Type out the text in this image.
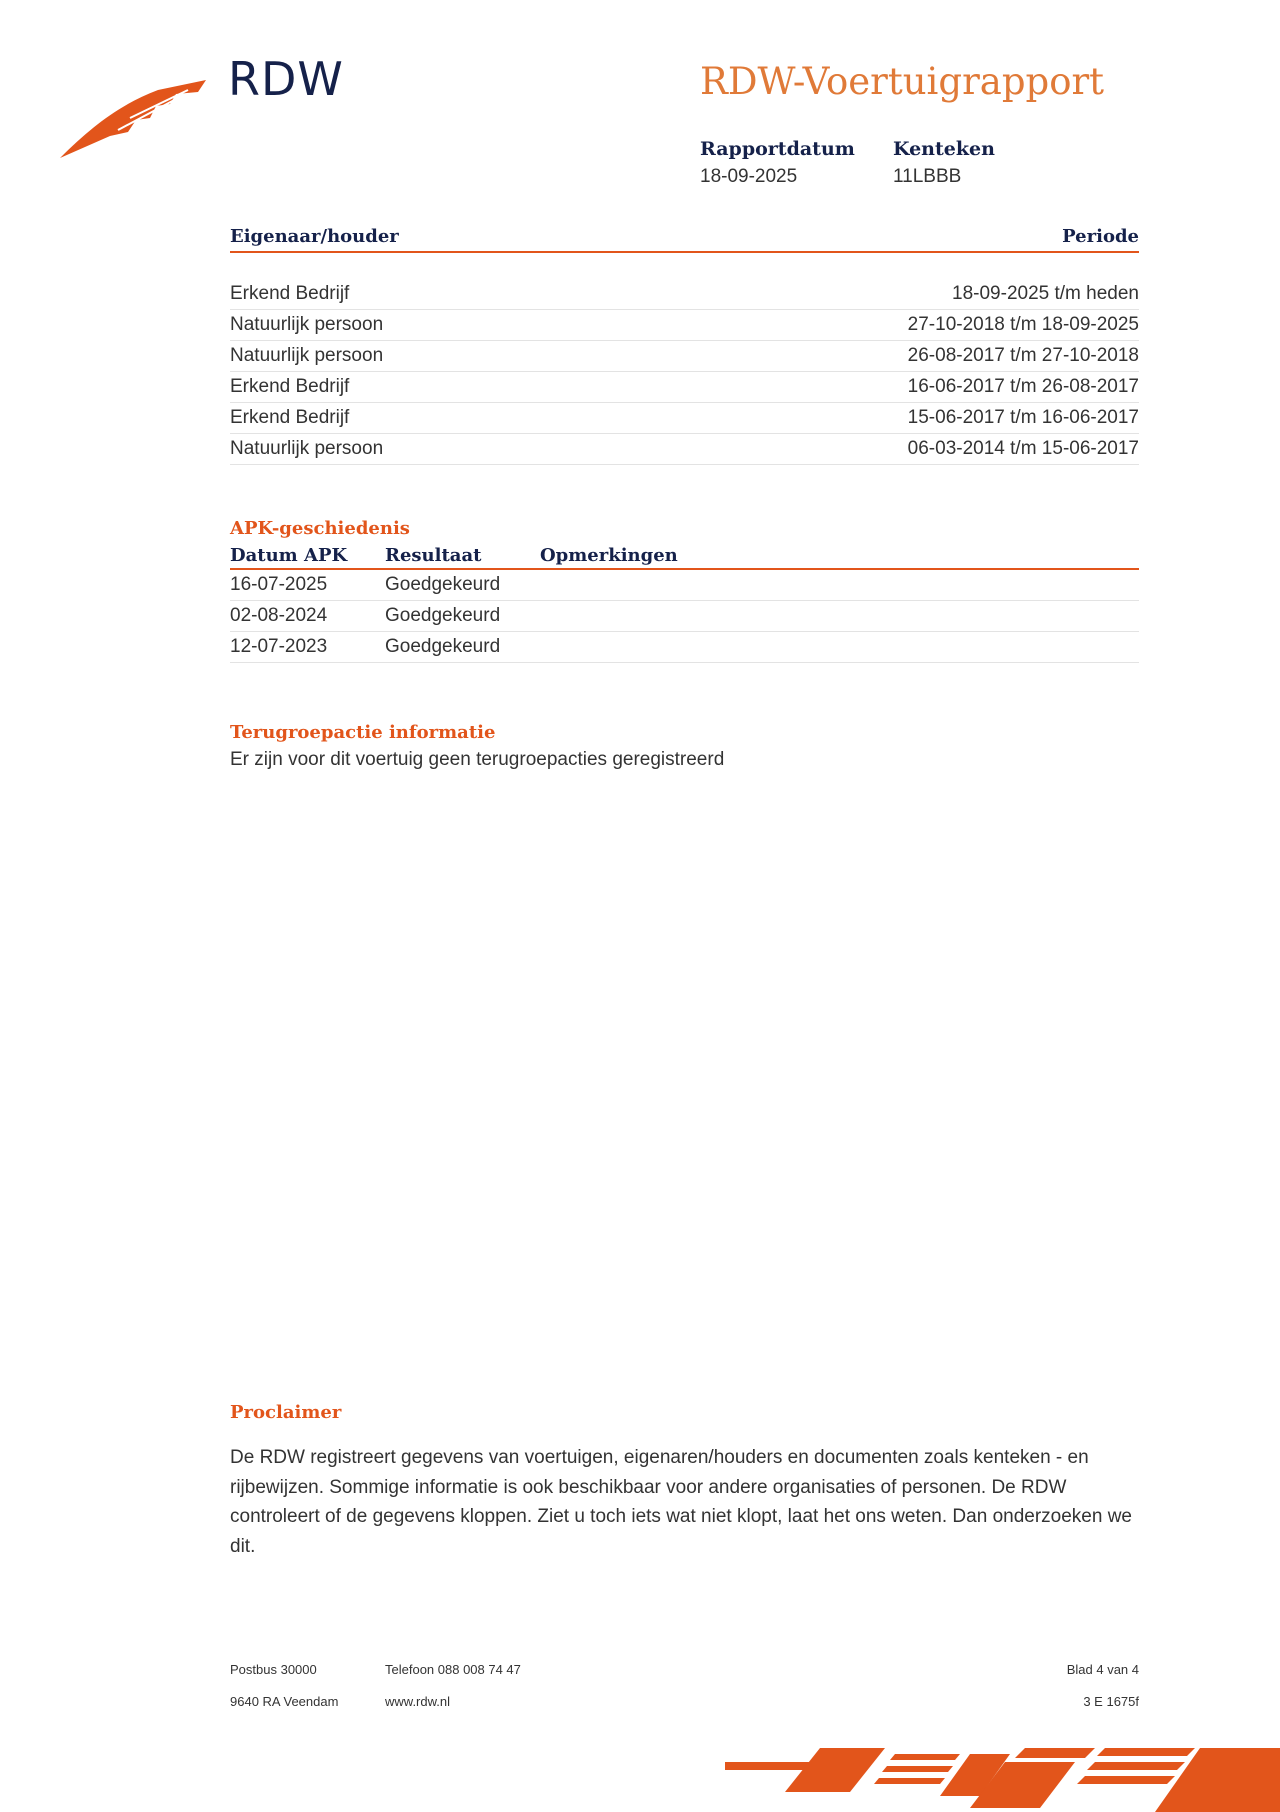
RDW	RDW-Voertuigrapport
Rapportdatum
18-09-2025
Kenteken
11LBBB
Eigenaar/houder	Periode
Erkend Bedrijf	18-09-2025 t/m heden
Natuurlijk persoon	27-10-2018 t/m 18-09-2025
Natuurlijk persoon	26-08-2017 t/m 27-10-2018
Erkend Bedrijf	16-06-2017 t/m 26-08-2017
Erkend Bedrijf	15-06-2017 t/m 16-06-2017
Natuurlijk persoon	06-03-2014 t/m 15-06-2017
APK-geschiedenis
Datum APK	Resultaat	Opmerkingen
16-07-2025	Goedgekeurd
02-08-2024	Goedgekeurd
12-07-2023	Goedgekeurd
Terugroepactie informatie
Er zijn voor dit voertuig geen terugroepacties geregistreerd
Proclaimer
De RDW registreert gegevens van voertuigen, eigenaren/houders en documenten zoals kenteken - en rijbewijzen. Sommige informatie is ook beschikbaar voor andere organisaties of personen. De RDW controleert of de gegevens kloppen. Ziet u toch iets wat niet klopt, laat het ons weten. Dan onderzoeken we dit.
Postbus 30000
9640 RA Veendam
Telefoon 088 008 74 47
www.rdw.nl
Blad 4 van 4
3 E 1675f
